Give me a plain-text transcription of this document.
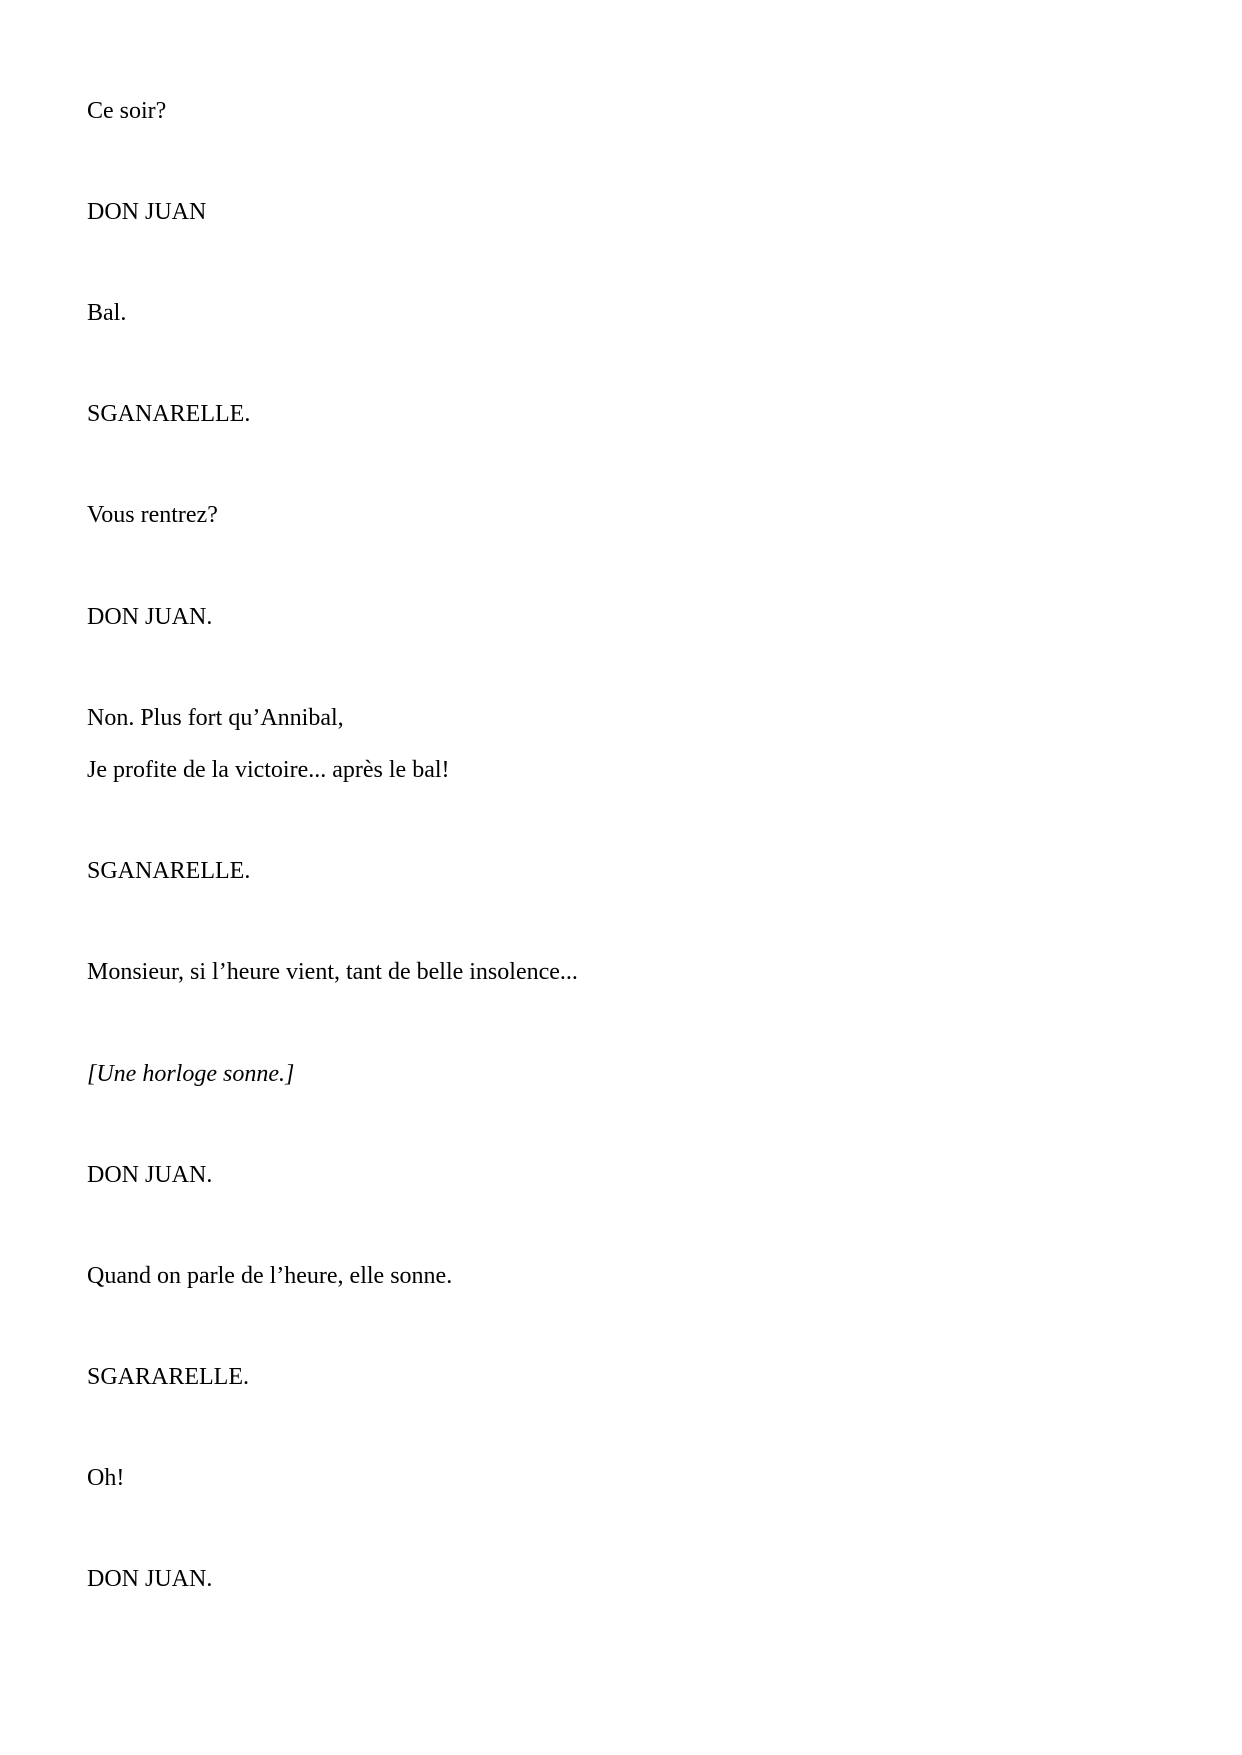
Ce soir?
DON JUAN
Bal.
SGANARELLE.
Vous rentrez?
DON JUAN.
Non. Plus fort qu’Annibal,
Je profite de la victoire... après le bal!
SGANARELLE.
Monsieur, si l’heure vient, tant de belle insolence...
[Une horloge sonne.]
DON JUAN.
Quand on parle de l’heure, elle sonne.
SGARARELLE.
Oh!
DON JUAN.
